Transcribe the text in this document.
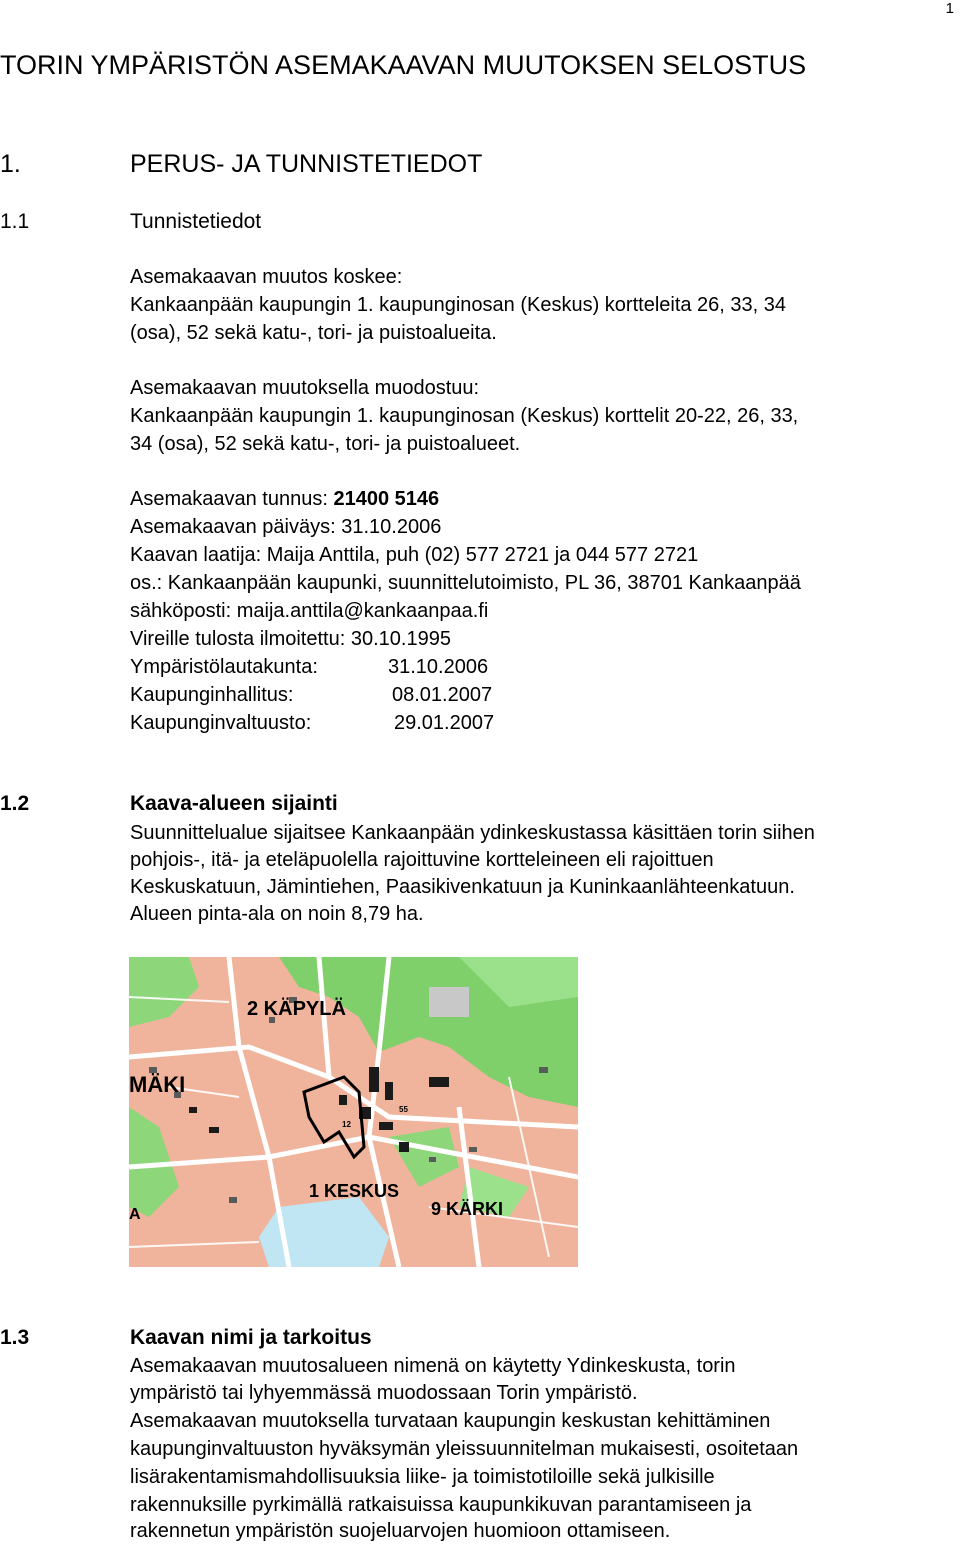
1
TORIN YMPÄRISTÖN ASEMAKAAVAN MUUTOKSEN SELOSTUS
1.	PERUS- JA TUNNISTETIEDOT
1.1	Tunnistetiedot
Asemakaavan muutos koskee:
Kankaanpään kaupungin 1. kaupunginosan (Keskus) kortteleita 26, 33, 34
(osa), 52 sekä katu-, tori- ja puistoalueita.
Asemakaavan muutoksella muodostuu:
Kankaanpään kaupungin 1. kaupunginosan (Keskus) korttelit 20-22, 26, 33,
34 (osa), 52 sekä katu-, tori- ja puistoalueet.
Asemakaavan tunnus: 21400 5146
Asemakaavan päiväys: 31.10.2006
Kaavan laatija: Maija Anttila, puh (02) 577 2721 ja 044 577 2721
os.: Kankaanpään kaupunki, suunnittelutoimisto, PL 36, 38701 Kankaanpää
sähköposti: maija.anttila@kankaanpaa.fi
Vireille tulosta ilmoitettu: 30.10.1995
Ympäristölautakunta:	31.10.2006
Kaupunginhallitus:	08.01.2007
Kaupunginvaltuusto:	29.01.2007
1.2	Kaava-alueen sijainti
Suunnittelualue sijaitsee Kankaanpään ydinkeskustassa käsittäen torin siihen
pohjois-, itä- ja eteläpuolella rajoittuvine kortteleineen eli rajoittuen
Keskuskatuun, Jämintiehen, Paasikivenkatuun ja Kuninkaanlähteenkatuun.
Alueen pinta-ala on noin 8,79 ha.
2 KÄPYLÄ
MÄKI
1 KESKUS
9 KÄRKI
A
55
12
1.3	Kaavan nimi ja tarkoitus
Asemakaavan muutosalueen nimenä on käytetty Ydinkeskusta, torin
ympäristö tai lyhyemmässä muodossaan Torin ympäristö.
Asemakaavan muutoksella turvataan kaupungin keskustan kehittäminen
kaupunginvaltuuston hyväksymän yleissuunnitelman mukaisesti, osoitetaan
lisärakentamismahdollisuuksia liike- ja toimistotiloille sekä julkisille
rakennuksille pyrkimällä ratkaisuissa kaupunkikuvan parantamiseen ja
rakennetun ympäristön suojeluarvojen huomioon ottamiseen.
